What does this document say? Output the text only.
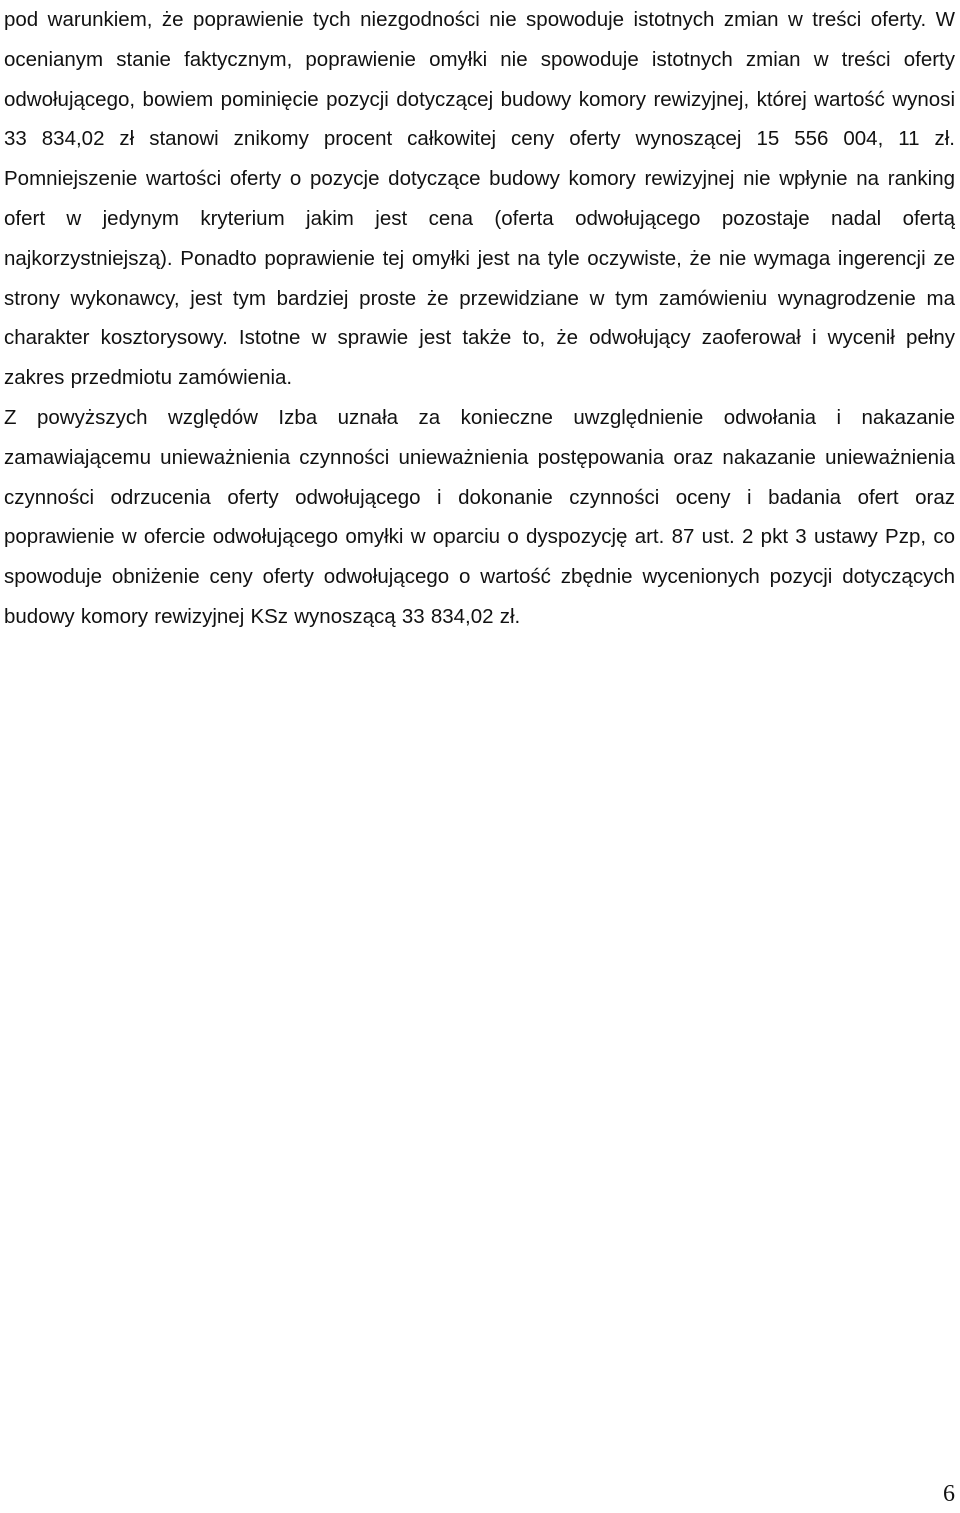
pod warunkiem, że poprawienie tych niezgodności nie spowoduje istotnych zmian w treści oferty. W ocenianym stanie faktycznym, poprawienie omyłki nie spowoduje istotnych zmian w treści oferty odwołującego, bowiem pominięcie pozycji dotyczącej budowy komory rewizyjnej, której wartość wynosi 33 834,02 zł stanowi znikomy procent całkowitej ceny oferty wynoszącej 15 556 004, 11 zł. Pomniejszenie wartości oferty o pozycje dotyczące budowy komory rewizyjnej nie wpłynie na ranking ofert w jedynym kryterium jakim jest cena (oferta odwołującego pozostaje nadal ofertą najkorzystniejszą). Ponadto poprawienie tej omyłki jest na tyle oczywiste, że nie wymaga ingerencji ze strony wykonawcy, jest tym bardziej proste że przewidziane w tym zamówieniu wynagrodzenie ma charakter kosztorysowy. Istotne w sprawie jest także to, że odwołujący zaoferował i wycenił pełny zakres przedmiotu zamówienia.

Z powyższych względów Izba uznała za konieczne uwzględnienie odwołania i nakazanie zamawiającemu unieważnienia czynności unieważnienia postępowania oraz nakazanie unieważnienia czynności odrzucenia oferty odwołującego i dokonanie czynności oceny i badania ofert oraz poprawienie w ofercie odwołującego omyłki w oparciu o dyspozycję art. 87 ust. 2 pkt 3 ustawy Pzp, co spowoduje obniżenie ceny oferty odwołującego o wartość zbędnie wycenionych pozycji dotyczących budowy komory rewizyjnej KSz wynoszącą 33 834,02 zł.

6
